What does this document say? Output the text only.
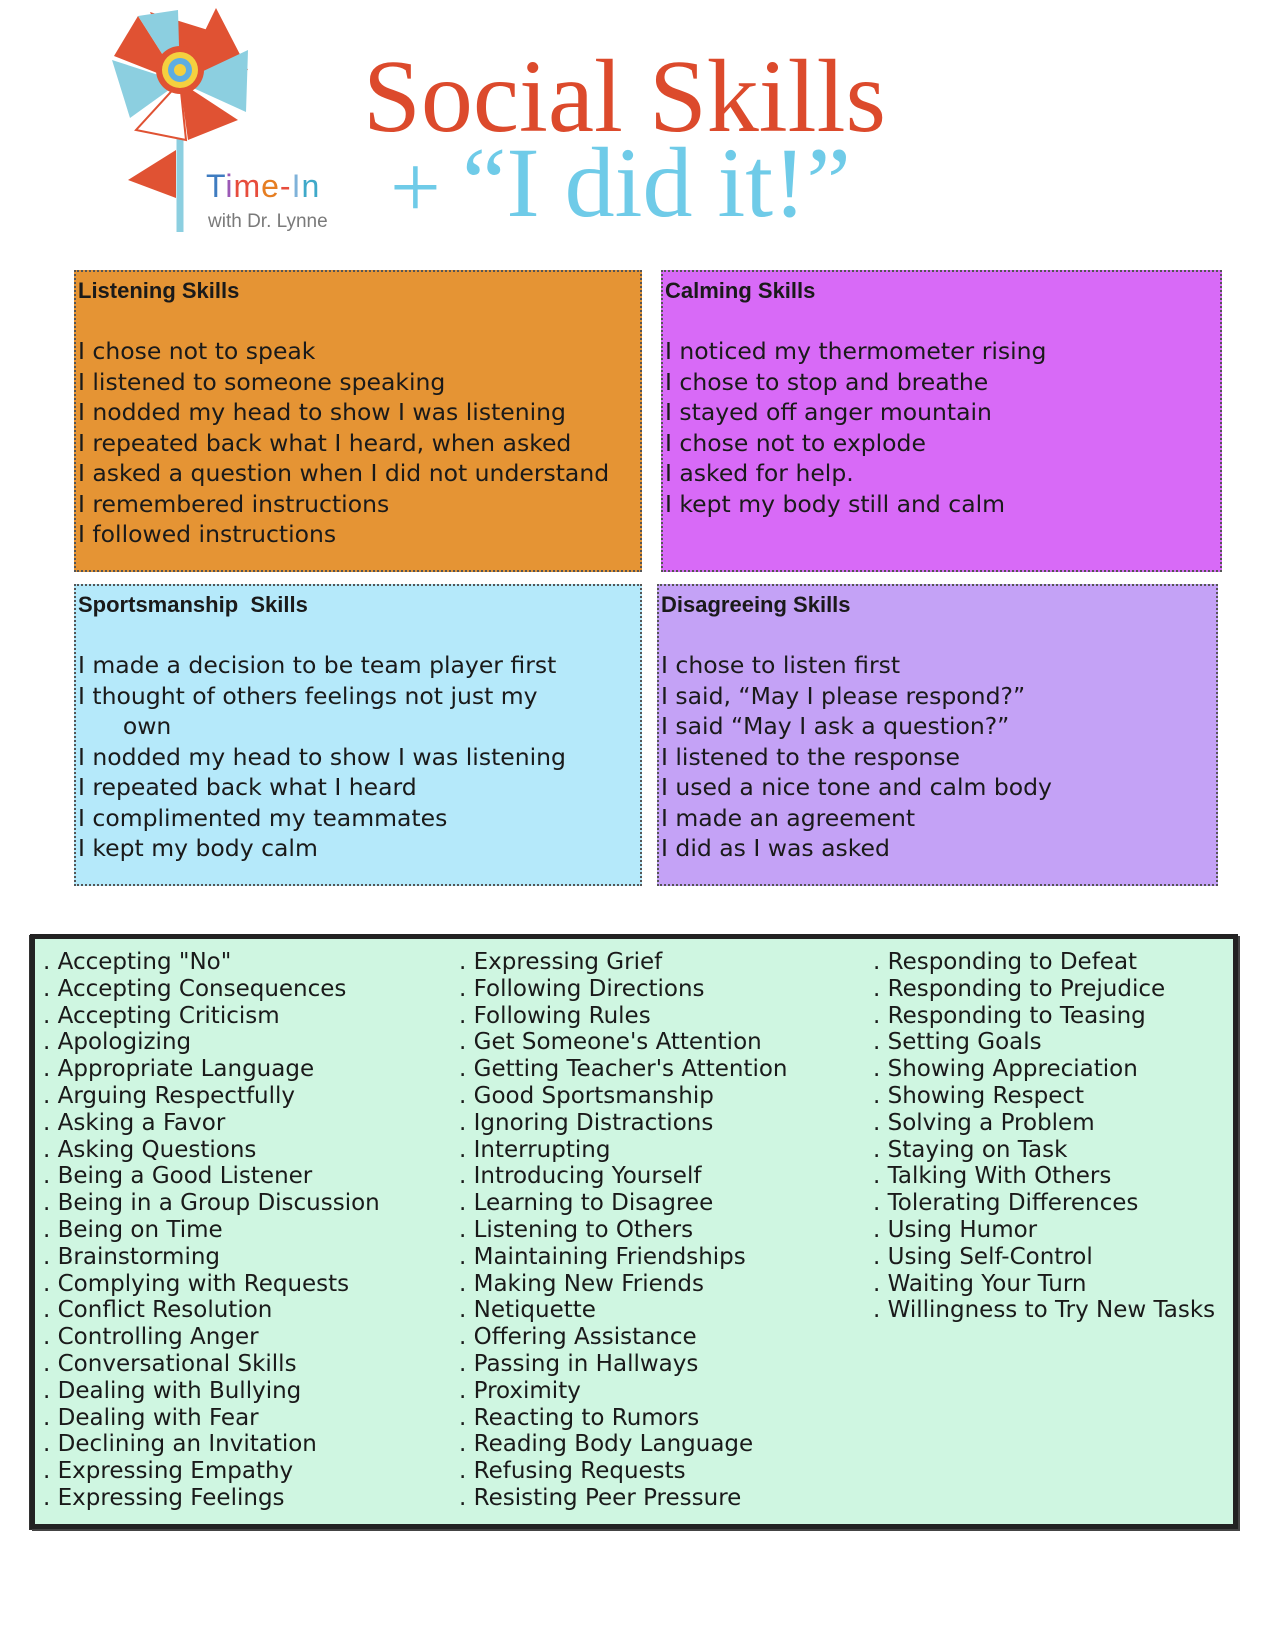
Time-In
with Dr. Lynne
Social Skills
+ “I did it!”
Listening Skills
I chose not to speak
I listened to someone speaking
I nodded my head to show I was listening
I repeated back what I heard, when asked
I asked a question when I did not understand
I remembered instructions
I followed instructions
Calming Skills
I noticed my thermometer rising
I chose to stop and breathe
I stayed off anger mountain
I chose not to explode
I asked for help.
I kept my body still and calm
Sportsmanship  Skills
I made a decision to be team player first
I thought of others feelings not just my
own
I nodded my head to show I was listening
I repeated back what I heard
I complimented my teammates
I kept my body calm
Disagreeing Skills
I chose to listen first
I said, “May I please respond?”
I said “May I ask a question?”
I listened to the response
I used a nice tone and calm body
I made an agreement
I did as I was asked
. Accepting "No"
. Accepting Consequences
. Accepting Criticism
. Apologizing
. Appropriate Language
. Arguing Respectfully
. Asking a Favor
. Asking Questions
. Being a Good Listener
. Being in a Group Discussion
. Being on Time
. Brainstorming
. Complying with Requests
. Conflict Resolution
. Controlling Anger
. Conversational Skills
. Dealing with Bullying
. Dealing with Fear
. Declining an Invitation
. Expressing Empathy
. Expressing Feelings
. Expressing Grief
. Following Directions
. Following Rules
. Get Someone's Attention
. Getting Teacher's Attention
. Good Sportsmanship
. Ignoring Distractions
. Interrupting
. Introducing Yourself
. Learning to Disagree
. Listening to Others
. Maintaining Friendships
. Making New Friends
. Netiquette
. Offering Assistance
. Passing in Hallways
. Proximity
. Reacting to Rumors
. Reading Body Language
. Refusing Requests
. Resisting Peer Pressure
. Responding to Defeat
. Responding to Prejudice
. Responding to Teasing
. Setting Goals
. Showing Appreciation
. Showing Respect
. Solving a Problem
. Staying on Task
. Talking With Others
. Tolerating Differences
. Using Humor
. Using Self-Control
. Waiting Your Turn
. Willingness to Try New Tasks
